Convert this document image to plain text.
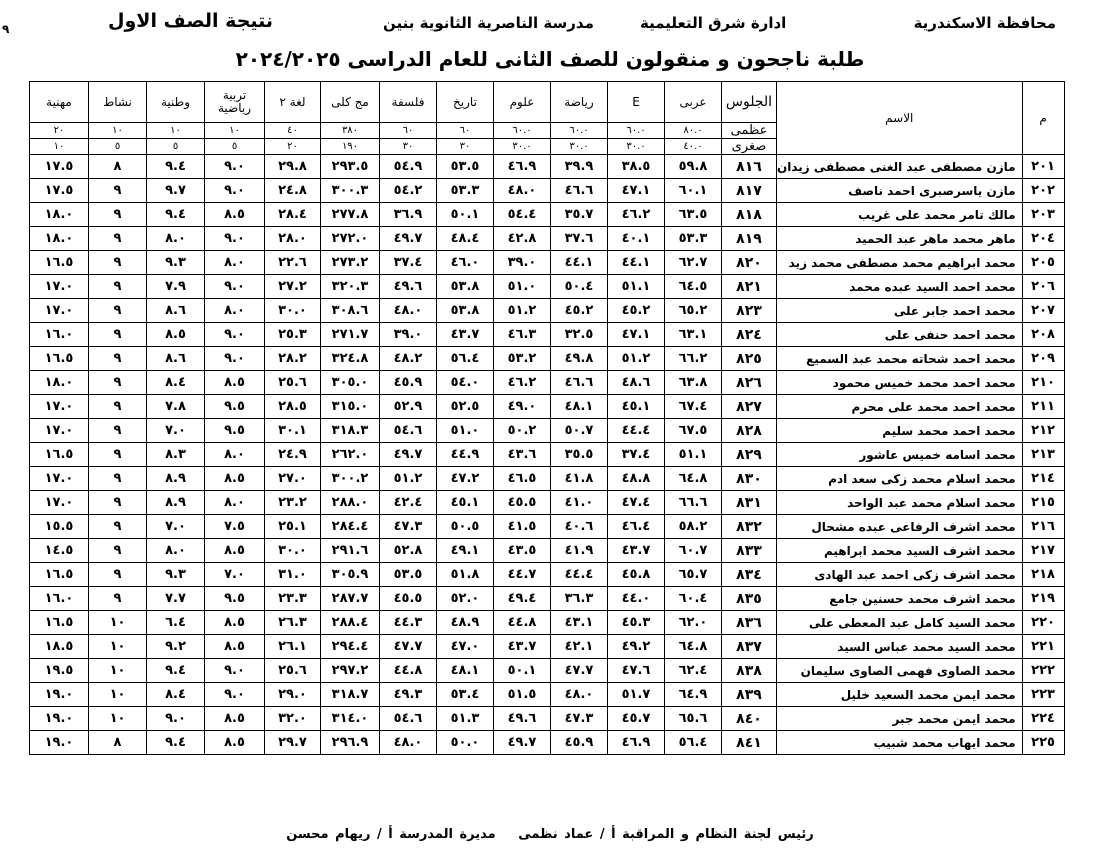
محافظة الاسكندرية
ادارة شرق التعليمية
مدرسة الناصرية الثانوية بنين
نتيجة الصف الاول
٩
طلبة ناجحون و منقولون للصف الثانى للعام الدراسى ٢٠٢٤/٢٠٢٥
م	الاسم	الجلوس	عربى	E	رياضة	علوم	تاريخ	فلسفة	مج كلى	لغة ٢	تربية رياضية	وطنية	نشاط	مهنية
		عظمى	٨٠.٠	٦٠.٠	٦٠.٠	٦٠.٠	٦٠	٦٠	٣٨٠	٤٠	١٠	١٠	١٠	٢٠
		صغرى	٤٠.٠	٣٠.٠	٣٠.٠	٣٠.٠	٣٠	٣٠	١٩٠	٢٠	٥	٥	٥	١٠
٢٠١	مازن مصطفى عبد الغنى مصطفى زيدان	٨١٦	٥٩.٨	٣٨.٥	٣٩.٩	٤٦.٩	٥٣.٥	٥٤.٩	٢٩٣.٥	٢٩.٨	٩.٠	٩.٤	٨	١٧.٥
٢٠٢	مازن ياسرصبرى احمد ناصف	٨١٧	٦٠.١	٤٧.١	٤٦.٦	٤٨.٠	٥٣.٣	٥٤.٢	٣٠٠.٣	٢٤.٨	٩.٠	٩.٧	٩	١٧.٥
٢٠٣	مالك تامر محمد على غريب	٨١٨	٦٣.٥	٤٦.٢	٣٥.٧	٥٤.٤	٥٠.١	٣٦.٩	٢٧٧.٨	٢٨.٤	٨.٥	٩.٤	٩	١٨.٠
٢٠٤	ماهر محمد ماهر عبد الحميد	٨١٩	٥٣.٣	٤٠.١	٣٧.٦	٤٢.٨	٤٨.٤	٤٩.٧	٢٧٢.٠	٢٨.٠	٩.٠	٨.٠	٩	١٨.٠
٢٠٥	محمد ابراهيم محمد مصطفى محمد زيد	٨٢٠	٦٢.٧	٤٤.١	٤٤.١	٣٩.٠	٤٦.٠	٣٧.٤	٢٧٣.٢	٢٢.٦	٨.٠	٩.٣	٩	١٦.٥
٢٠٦	محمد احمد السيد عبده محمد	٨٢١	٦٤.٥	٥١.١	٥٠.٤	٥١.٠	٥٣.٨	٤٩.٦	٣٢٠.٣	٢٧.٢	٩.٠	٧.٩	٩	١٧.٠
٢٠٧	محمد احمد جابر على	٨٢٣	٦٥.٢	٤٥.٢	٤٥.٢	٥١.٢	٥٣.٨	٤٨.٠	٣٠٨.٦	٣٠.٠	٨.٠	٨.٦	٩	١٧.٠
٢٠٨	محمد احمد حنفى على	٨٢٤	٦٣.١	٤٧.١	٣٢.٥	٤٦.٣	٤٣.٧	٣٩.٠	٢٧١.٧	٢٥.٣	٩.٠	٨.٥	٩	١٦.٠
٢٠٩	محمد احمد شحاته محمد عبد السميع	٨٢٥	٦٦.٢	٥١.٢	٤٩.٨	٥٣.٢	٥٦.٤	٤٨.٢	٣٢٤.٨	٢٨.٢	٩.٠	٨.٦	٩	١٦.٥
٢١٠	محمد احمد محمد خميس محمود	٨٢٦	٦٣.٨	٤٨.٦	٤٦.٦	٤٦.٢	٥٤.٠	٤٥.٩	٣٠٥.٠	٢٥.٦	٨.٥	٨.٤	٩	١٨.٠
٢١١	محمد احمد محمد على محرم	٨٢٧	٦٧.٤	٤٥.١	٤٨.١	٤٩.٠	٥٢.٥	٥٢.٩	٣١٥.٠	٢٨.٥	٩.٥	٧.٨	٩	١٧.٠
٢١٢	محمد احمد محمد سليم	٨٢٨	٦٧.٥	٤٤.٤	٥٠.٧	٥٠.٢	٥١.٠	٥٤.٦	٣١٨.٣	٣٠.١	٩.٥	٧.٠	٩	١٧.٠
٢١٣	محمد اسامه خميس عاشور	٨٢٩	٥١.١	٣٧.٤	٣٥.٥	٤٣.٦	٤٤.٩	٤٩.٧	٢٦٢.٠	٢٤.٩	٨.٠	٨.٣	٩	١٦.٥
٢١٤	محمد اسلام محمد زكى سعد ادم	٨٣٠	٦٤.٨	٤٨.٨	٤١.٨	٤٦.٥	٤٧.٢	٥١.٢	٣٠٠.٢	٢٧.٠	٨.٥	٨.٩	٩	١٧.٠
٢١٥	محمد اسلام محمد عبد الواحد	٨٣١	٦٦.٦	٤٧.٤	٤١.٠	٤٥.٥	٤٥.١	٤٢.٤	٢٨٨.٠	٢٣.٢	٨.٠	٨.٩	٩	١٧.٠
٢١٦	محمد اشرف الرفاعى عبده مشحال	٨٣٢	٥٨.٢	٤٦.٤	٤٠.٦	٤١.٥	٥٠.٥	٤٧.٣	٢٨٤.٤	٢٥.١	٧.٥	٧.٠	٩	١٥.٥
٢١٧	محمد اشرف السيد محمد ابراهيم	٨٣٣	٦٠.٧	٤٣.٧	٤١.٩	٤٣.٥	٤٩.١	٥٢.٨	٢٩١.٦	٣٠.٠	٨.٥	٨.٠	٩	١٤.٥
٢١٨	محمد اشرف زكى احمد عبد الهادى	٨٣٤	٦٥.٧	٤٥.٨	٤٤.٤	٤٤.٧	٥١.٨	٥٣.٥	٣٠٥.٩	٣١.٠	٧.٠	٩.٣	٩	١٦.٥
٢١٩	محمد اشرف محمد حسنين جامع	٨٣٥	٦٠.٤	٤٤.٠	٣٦.٣	٤٩.٤	٥٢.٠	٤٥.٥	٢٨٧.٧	٢٣.٣	٩.٥	٧.٧	٩	١٦.٠
٢٢٠	محمد السيد كامل عبد المعطى على	٨٣٦	٦٢.٠	٤٥.٣	٤٣.١	٤٤.٨	٤٨.٩	٤٤.٣	٢٨٨.٤	٢٦.٣	٨.٥	٦.٤	١٠	١٦.٥
٢٢١	محمد السيد محمد عباس السيد	٨٣٧	٦٤.٨	٤٩.٢	٤٢.١	٤٣.٧	٤٧.٠	٤٧.٧	٢٩٤.٤	٢٦.١	٨.٥	٩.٢	١٠	١٨.٥
٢٢٢	محمد الصاوى فهمى الصاوى سليمان	٨٣٨	٦٢.٤	٤٧.٦	٤٧.٧	٥٠.١	٤٨.١	٤٤.٨	٢٩٧.٢	٢٥.٦	٩.٠	٩.٤	١٠	١٩.٥
٢٢٣	محمد ايمن محمد السعيد خليل	٨٣٩	٦٤.٩	٥١.٧	٤٨.٠	٥١.٥	٥٣.٤	٤٩.٣	٣١٨.٧	٢٩.٠	٩.٠	٨.٤	١٠	١٩.٠
٢٢٤	محمد ايمن محمد جبر	٨٤٠	٦٥.٦	٤٥.٧	٤٧.٣	٤٩.٦	٥١.٣	٥٤.٦	٣١٤.٠	٣٢.٠	٨.٥	٩.٠	١٠	١٩.٠
٢٢٥	محمد ايهاب محمد شبيب	٨٤١	٥٦.٤	٤٦.٩	٤٥.٩	٤٩.٧	٥٠.٠	٤٨.٠	٢٩٦.٩	٢٩.٧	٨.٥	٩.٤	٨	١٩.٠
رئيس لجنة النظام و المراقبة أ / عماد نظمى مديرة المدرسة أ / ريهام محسن
